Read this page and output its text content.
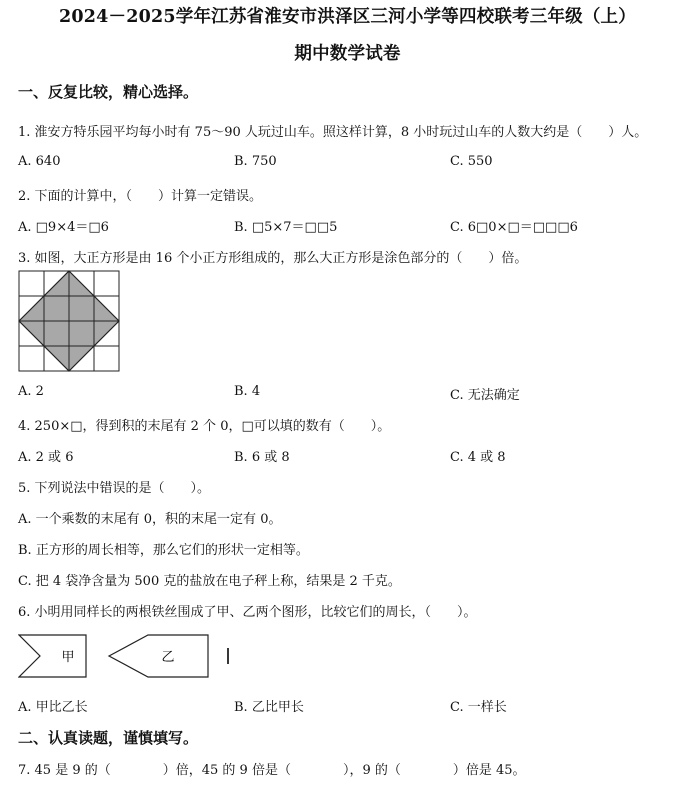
2024－2025学年江苏省淮安市洪泽区三河小学等四校联考三年级（上）
期中数学试卷
一、反复比较，精心选择。
1. 淮安方特乐园平均每小时有 75～90 人玩过山车。照这样计算，8 小时玩过山车的人数大约是（　　）人。
A. 640	B. 750	C. 550
2. 下面的计算中，（　　）计算一定错误。
A. □9×4＝□6	B. □5×7＝□□5	C. 6□0×□＝□□□6
3. 如图，大正方形是由 16 个小正方形组成的，那么大正方形是涂色部分的（　　）倍。
A. 2	B. 4	C. 无法确定
4. 250×□，得到积的末尾有 2 个 0，□可以填的数有（　　）。
A. 2 或 6	B. 6 或 8	C. 4 或 8
5. 下列说法中错误的是（　　）。
A. 一个乘数的末尾有 0，积的末尾一定有 0。
B. 正方形的周长相等，那么它们的形状一定相等。
C. 把 4 袋净含量为 500 克的盐放在电子秤上称，结果是 2 千克。
6. 小明用同样长的两根铁丝围成了甲、乙两个图形，比较它们的周长，（　　）。
甲	乙
A. 甲比乙长	B. 乙比甲长	C. 一样长
二、认真读题，谨慎填写。
7. 45 是 9 的（　　　　）倍，45 的 9 倍是（　　　　），9 的（　　　　）倍是 45。
